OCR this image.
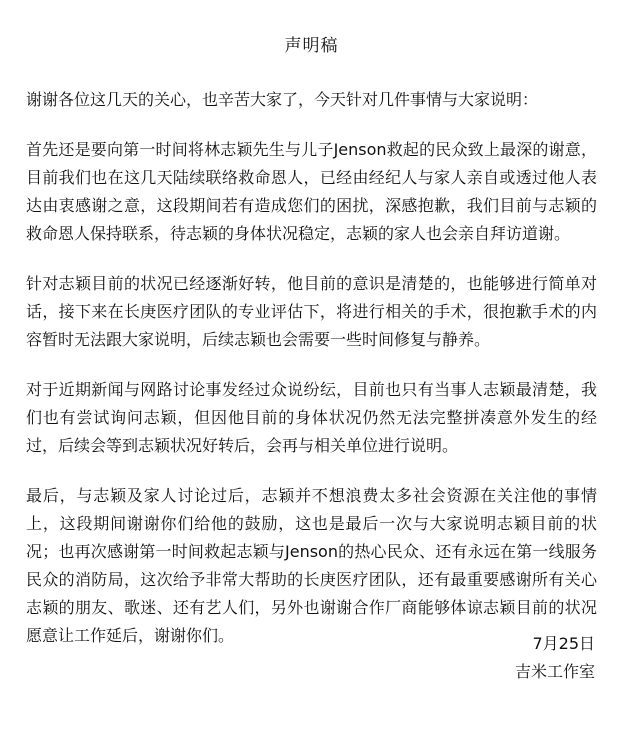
声明稿

谢谢各位这几天的关心，也辛苦大家了，今天针对几件事情与大家说明：

首先还是要向第一时间将林志颖先生与儿子Jenson救起的民众致上最深的谢意，目前我们也在这几天陆续联络救命恩人，已经由经纪人与家人亲自或透过他人表达由衷感谢之意，这段期间若有造成您们的困扰，深感抱歉，我们目前与志颖的救命恩人保持联系，待志颖的身体状况稳定，志颖的家人也会亲自拜访道谢。

针对志颖目前的状况已经逐渐好转，他目前的意识是清楚的，也能够进行简单对话，接下来在长庚医疗团队的专业评估下，将进行相关的手术，很抱歉手术的内容暂时无法跟大家说明，后续志颖也会需要一些时间修复与静养。

对于近期新闻与网路讨论事发经过众说纷纭，目前也只有当事人志颖最清楚，我们也有尝试询问志颖，但因他目前的身体状况仍然无法完整拼凑意外发生的经过，后续会等到志颖状况好转后，会再与相关单位进行说明。

最后，与志颖及家人讨论过后，志颖并不想浪费太多社会资源在关注他的事情上，这段期间谢谢你们给他的鼓励，这也是最后一次与大家说明志颖目前的状况；也再次感谢第一时间救起志颖与Jenson的热心民众、还有永远在第一线服务民众的消防局，这次给予非常大帮助的长庚医疗团队，还有最重要感谢所有关心志颖的朋友、歌迷、还有艺人们，另外也谢谢合作厂商能够体谅志颖目前的状况愿意让工作延后，谢谢你们。	7月25日
吉米工作室
